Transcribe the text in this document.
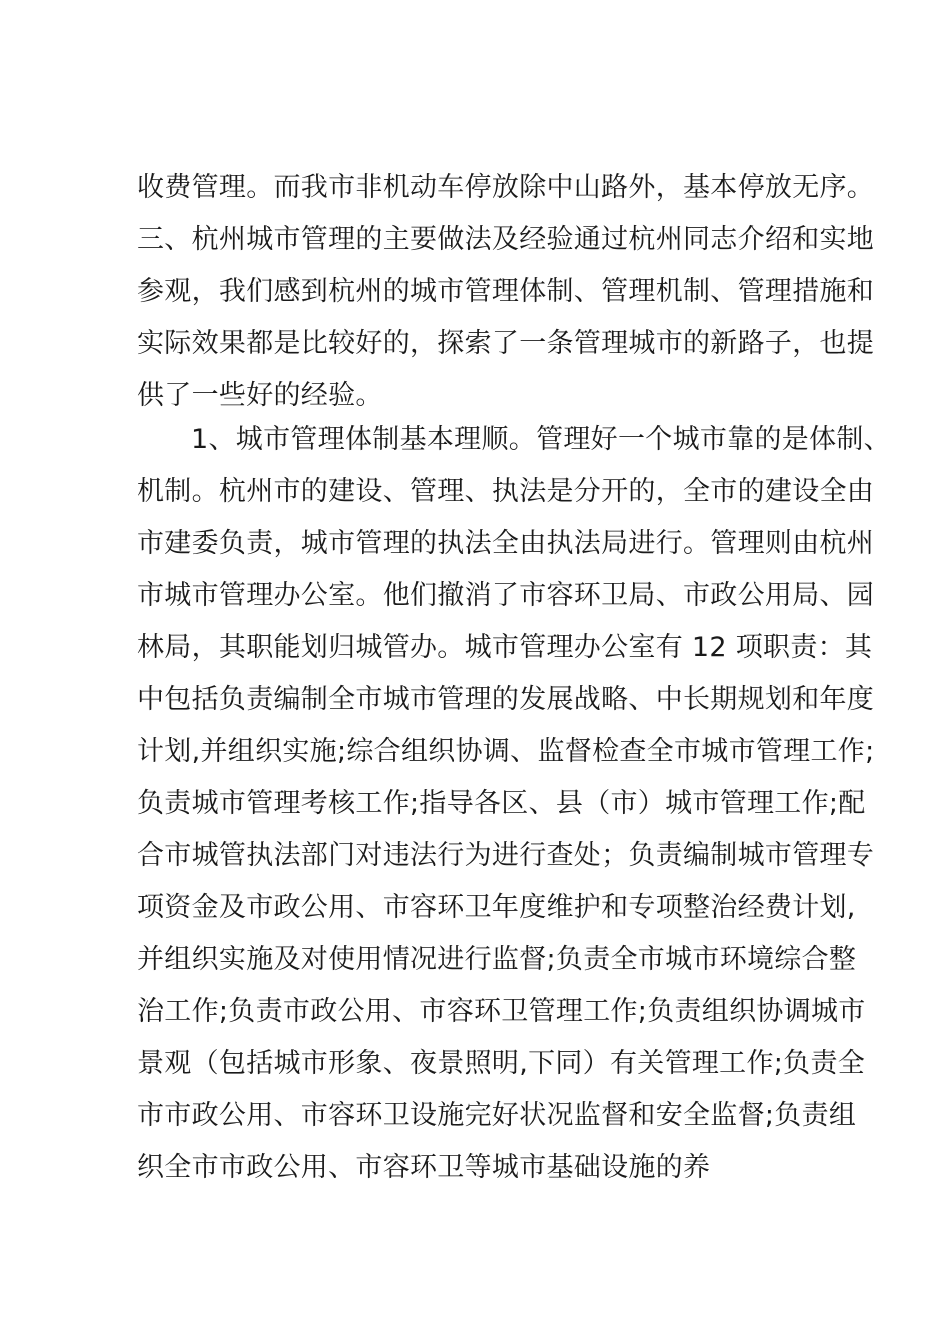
收费管理。而我市非机动车停放除中山路外，基本停放无序。
三、杭州城市管理的主要做法及经验通过杭州同志介绍和实地
参观，我们感到杭州的城市管理体制、管理机制、管理措施和
实际效果都是比较好的，探索了一条管理城市的新路子，也提
供了一些好的经验。
1、城市管理体制基本理顺。管理好一个城市靠的是体制、
机制。杭州市的建设、管理、执法是分开的，全市的建设全由
市建委负责，城市管理的执法全由执法局进行。管理则由杭州
市城市管理办公室。他们撤消了市容环卫局、市政公用局、园
林局，其职能划归城管办。城市管理办公室有 12 项职责：其
中包括负责编制全市城市管理的发展战略、中长期规划和年度
计划,并组织实施;综合组织协调、监督检查全市城市管理工作;
负责城市管理考核工作;指导各区、县（市）城市管理工作;配
合市城管执法部门对违法行为进行查处；负责编制城市管理专
项资金及市政公用、市容环卫年度维护和专项整治经费计划,
并组织实施及对使用情况进行监督;负责全市城市环境综合整
治工作;负责市政公用、市容环卫管理工作;负责组织协调城市
景观（包括城市形象、夜景照明,下同）有关管理工作;负责全
市市政公用、市容环卫设施完好状况监督和安全监督;负责组
织全市市政公用、市容环卫等城市基础设施的养
